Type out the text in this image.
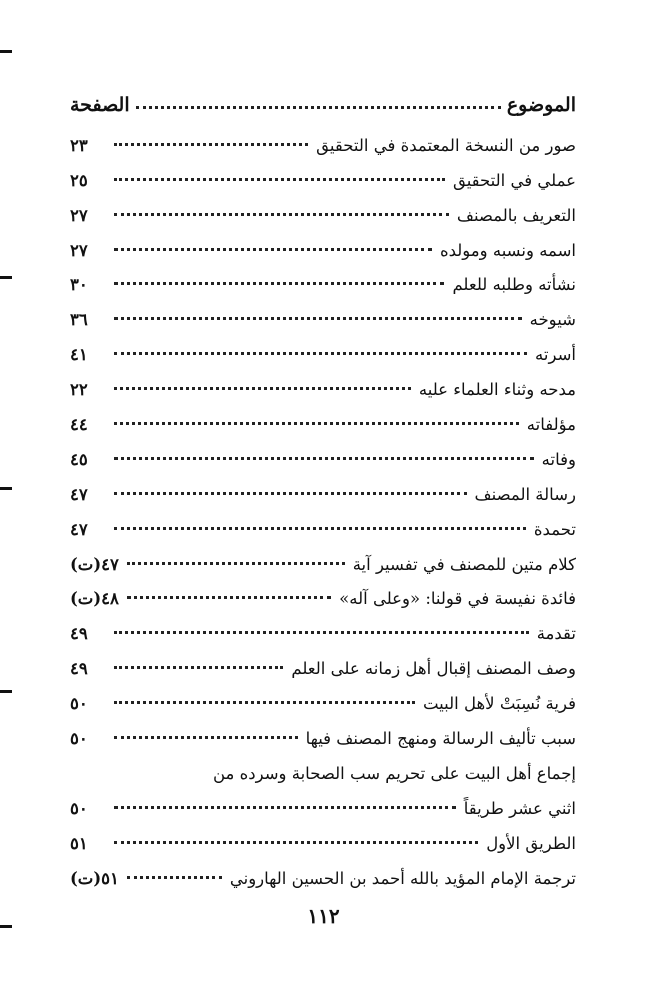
الموضوع
الصفحة
صور من النسخة المعتمدة في التحقيق
٢٣
عملي في التحقيق
٢٥
التعريف بالمصنف
٢٧
اسمه ونسبه ومولده
٢٧
نشأته وطلبه للعلم
٣٠
شيوخه
٣٦
أسرته
٤١
مدحه وثناء العلماء عليه
٢٢
مؤلفاته
٤٤
وفاته
٤٥
رسالة المصنف
٤٧
تحمدة
٤٧
كلام متين للمصنف في تفسير آية
٤٧(ت)
فائدة نفيسة في قولنا: «وعلى آله»
٤٨(ت)
تقدمة
٤٩
وصف المصنف إقبال أهل زمانه على العلم
٤٩
فرية نُسِبَتْ لأهل البيت
٥٠
سبب تأليف الرسالة ومنهج المصنف فيها
٥٠
إجماع أهل البيت على تحريم سب الصحابة وسرده من
اثني عشر طريقاً
٥٠
الطريق الأول
٥١
ترجمة الإمام المؤيد بالله أحمد بن الحسين الهاروني
٥١(ت)
١١٢
